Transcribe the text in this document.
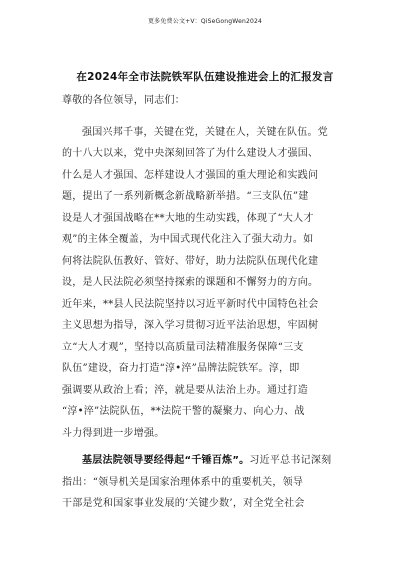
更多免费公文+V：QiSeGongWen2024
在2024年全市法院铁军队伍建设推进会上的汇报发言
尊敬的各位领导，同志们：
强国兴邦千事，关键在党，关键在人，关键在队伍。党
的十八大以来，党中央深刻回答了为什么建设人才强国、
什么是人才强国、怎样建设人才强国的重大理论和实践问
题，提出了一系列新概念新战略新举措。“三支队伍”建
设是人才强国战略在**大地的生动实践，体现了“大人才
观”的主体全覆盖，为中国式现代化注入了强大动力。如
何将法院队伍教好、管好、带好，助力法院队伍现代化建
设，是人民法院必须坚持探索的课题和不懈努力的方向。
近年来，**县人民法院坚持以习近平新时代中国特色社会
主义思想为指导，深入学习贯彻习近平法治思想，牢固树
立“大人才观”，坚持以高质量司法精准服务保障“三支
队伍”建设，奋力打造“淳•淬”品牌法院铁军。淳，即
强调要从政治上看；淬，就是要从法治上办。通过打造
“淳•淬”法院队伍，**法院干警的凝聚力、向心力、战
斗力得到进一步增强。
基层法院领导要经得起“千锤百炼”。习近平总书记深刻
指出：“领导机关是国家治理体系中的重要机关，领导
干部是党和国家事业发展的‘关键少数’，对全党全社会
